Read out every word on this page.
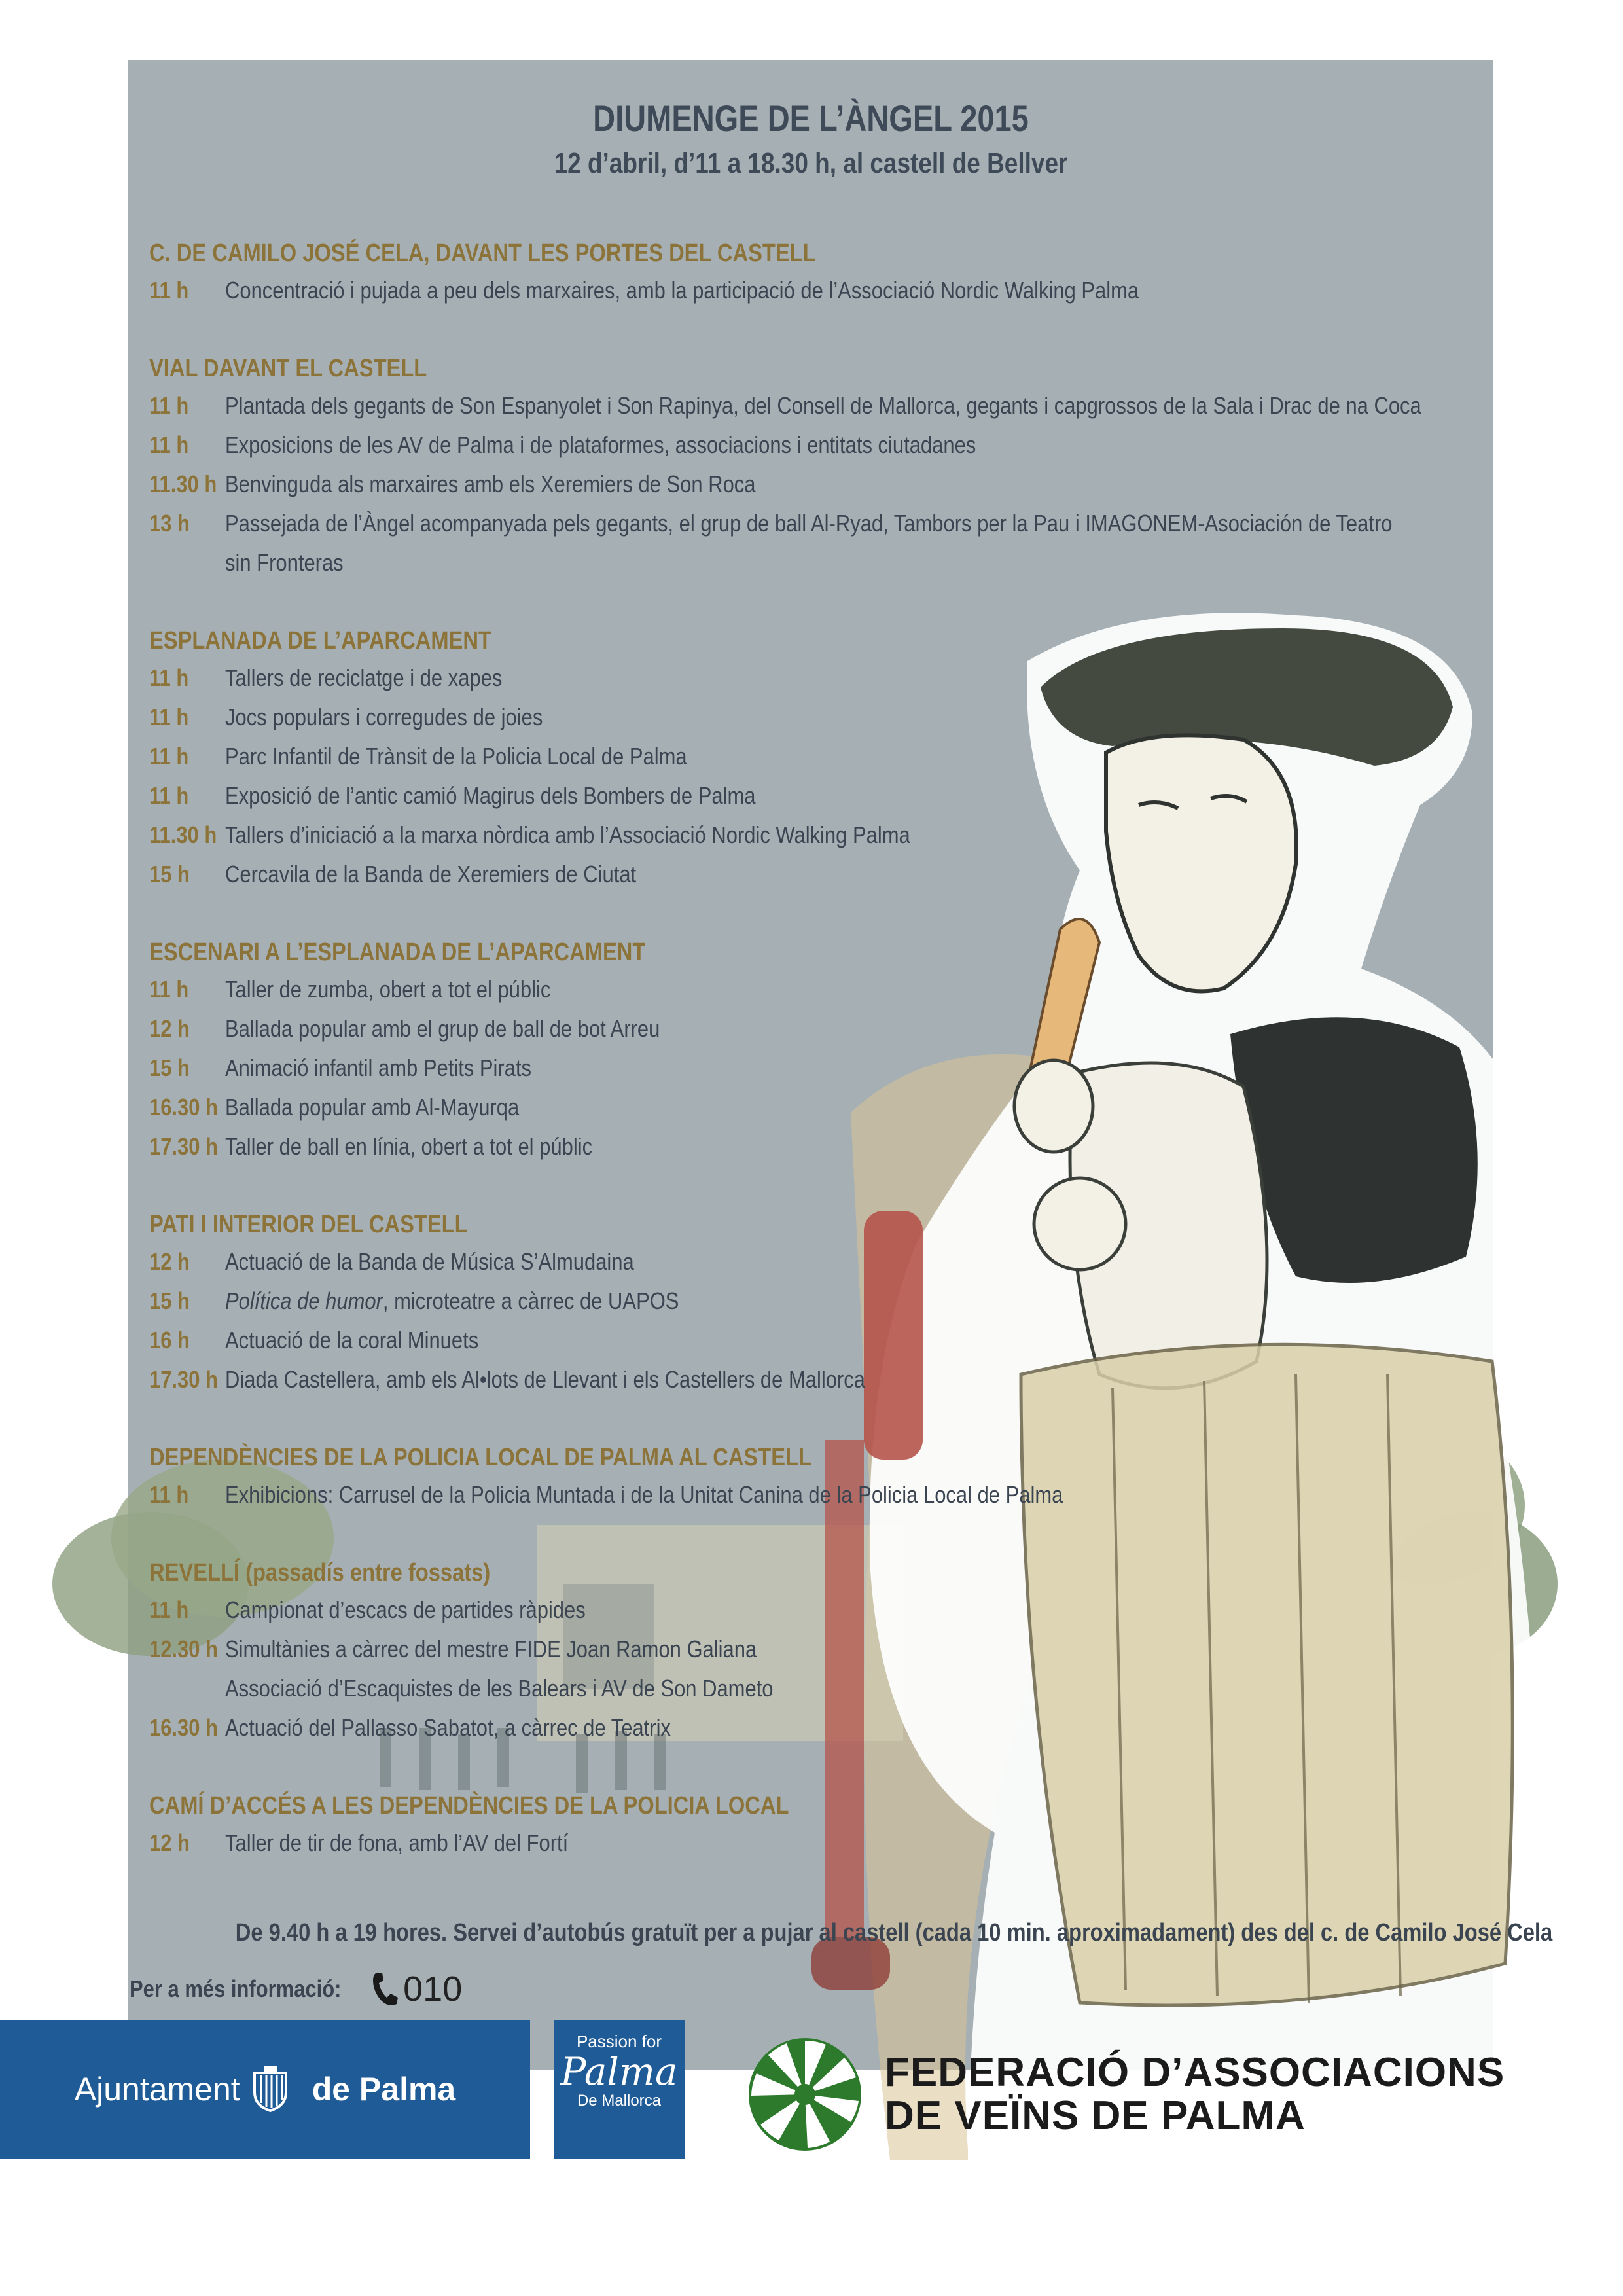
DIUMENGE DE L’ÀNGEL 2015
12 d’abril, d’11 a 18.30 h, al castell de Bellver
C. DE CAMILO JOSÉ CELA, DAVANT LES PORTES DEL CASTELL
11 h	Concentració i pujada a peu dels marxaires, amb la participació de l’Associació Nordic Walking Palma
VIAL DAVANT EL CASTELL
11 h	Plantada dels gegants de Son Espanyolet i Son Rapinya, del Consell de Mallorca, gegants i capgrossos de la Sala i Drac de na Coca
11 h	Exposicions de les AV de Palma i de plataformes, associacions i entitats ciutadanes
11.30 h Benvinguda als marxaires amb els Xeremiers de Son Roca
13 h	Passejada de l’Àngel acompanyada pels gegants, el grup de ball Al-Ryad, Tambors per la Pau i IMAGONEM-Asociación de Teatro
sin Fronteras
ESPLANADA DE L’APARCAMENT
11 h	Tallers de reciclatge i de xapes
11 h	Jocs populars i corregudes de joies
11 h	Parc Infantil de Trànsit de la Policia Local de Palma
11 h	Exposició de l’antic camió Magirus dels Bombers de Palma
11.30 h Tallers d’iniciació a la marxa nòrdica amb l’Associació Nordic Walking Palma
15 h	Cercavila de la Banda de Xeremiers de Ciutat
ESCENARI A L’ESPLANADA DE L’APARCAMENT
11 h	Taller de zumba, obert a tot el públic
12 h	Ballada popular amb el grup de ball de bot Arreu
15 h	Animació infantil amb Petits Pirats
16.30 h Ballada popular amb Al-Mayurqa
17.30 h Taller de ball en línia, obert a tot el públic
PATI I INTERIOR DEL CASTELL
12 h	Actuació de la Banda de Música S’Almudaina
15 h	Política de humor, microteatre a càrrec de UAPOS
16 h	Actuació de la coral Minuets
17.30 h Diada Castellera, amb els Al•lots de Llevant i els Castellers de Mallorca
DEPENDÈNCIES DE LA POLICIA LOCAL DE PALMA AL CASTELL
11 h	Exhibicions: Carrusel de la Policia Muntada i de la Unitat Canina de la Policia Local de Palma
REVELLÍ (passadís entre fossats)
11 h	Campionat d’escacs de partides ràpides
12.30 h Simultànies a càrrec del mestre FIDE Joan Ramon Galiana
Associació d’Escaquistes de les Balears i AV de Son Dameto
16.30 h Actuació del Pallasso Sabatot, a càrrec de Teatrix
CAMÍ D’ACCÉS A LES DEPENDÈNCIES DE LA POLICIA LOCAL
12 h	Taller de tir de fona, amb l’AV del Fortí
De 9.40 h a 19 hores. Servei d’autobús gratuït per a pujar al castell (cada 10 min. aproximadament) des del c. de Camilo José Cela
Per a més informació: 010
Ajuntament de Palma
Passion for
Palma
De Mallorca
FEDERACIÓ D’ASSOCIACIONS
DE VEÏNS DE PALMA
